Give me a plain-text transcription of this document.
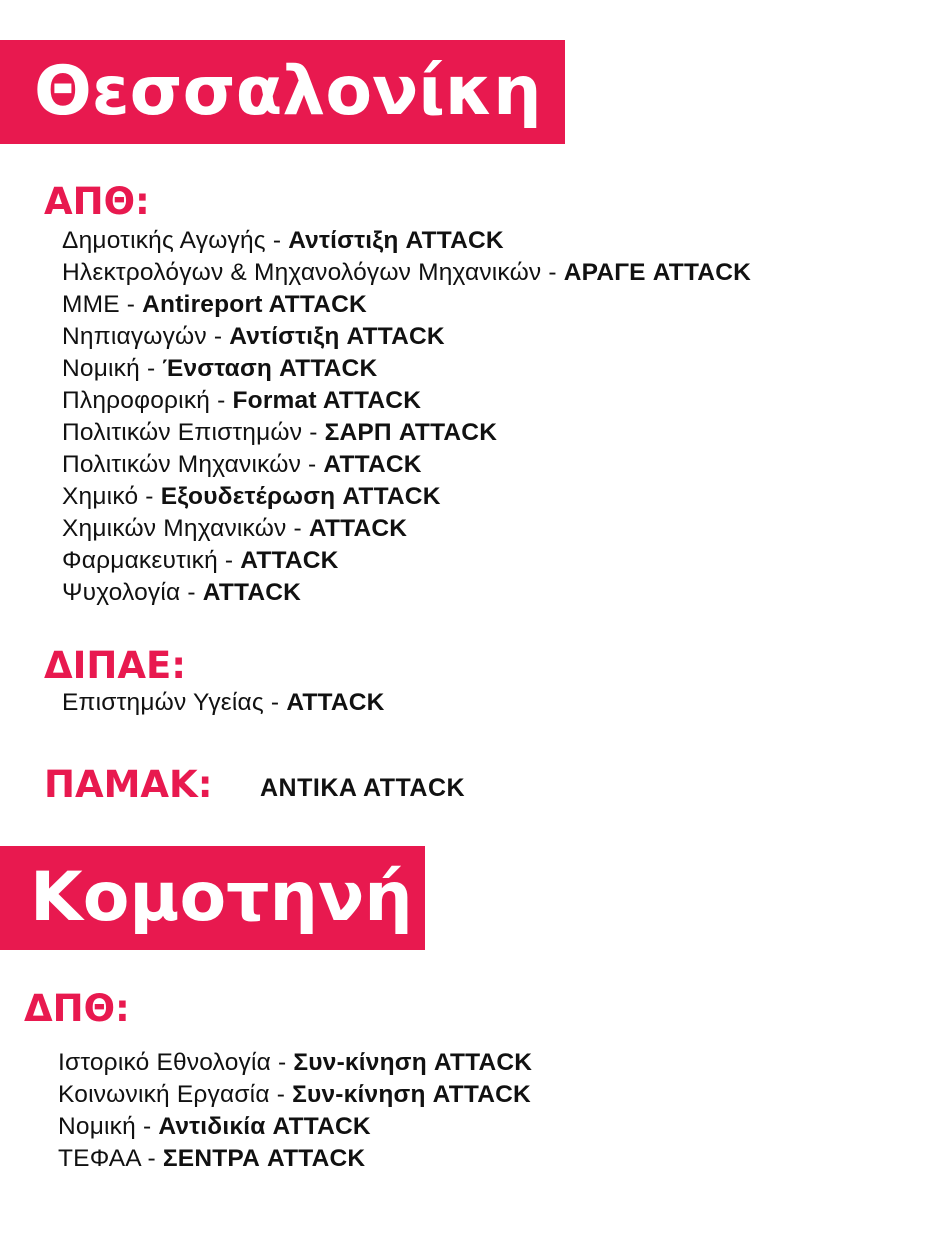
Θεσσαλονίκη
ΑΠΘ:
Δημοτικής Αγωγής - Αντίστιξη ATTACK
Ηλεκτρολόγων & Μηχανολόγων Μηχανικών - ΑΡΑΓΕ ATTACK
ΜΜΕ - Antireport ATTACK
Νηπιαγωγών - Αντίστιξη ATTACK
Νομική - Ένσταση ATTACK
Πληροφορική - Format ATTACK
Πολιτικών Επιστημών - ΣΑΡΠ ATTACK
Πολιτικών Μηχανικών - ATTACK
Χημικό - Εξουδετέρωση ATTACK
Χημικών Μηχανικών - ATTACK
Φαρμακευτική - ATTACK
Ψυχολογία - ATTACK
ΔΙΠΑΕ:
Επιστημών Υγείας - ATTACK
ΠΑΜΑΚ: ANTIKA ATTACK
Κομοτηνή
ΔΠΘ:
Ιστορικό Εθνολογία - Συν-κίνηση ATTACK
Κοινωνική Εργασία - Συν-κίνηση ATTACK
Νομική - Αντιδικία ATTACK
ΤΕΦΑΑ - ΣΕΝΤΡΑ ATTACK
